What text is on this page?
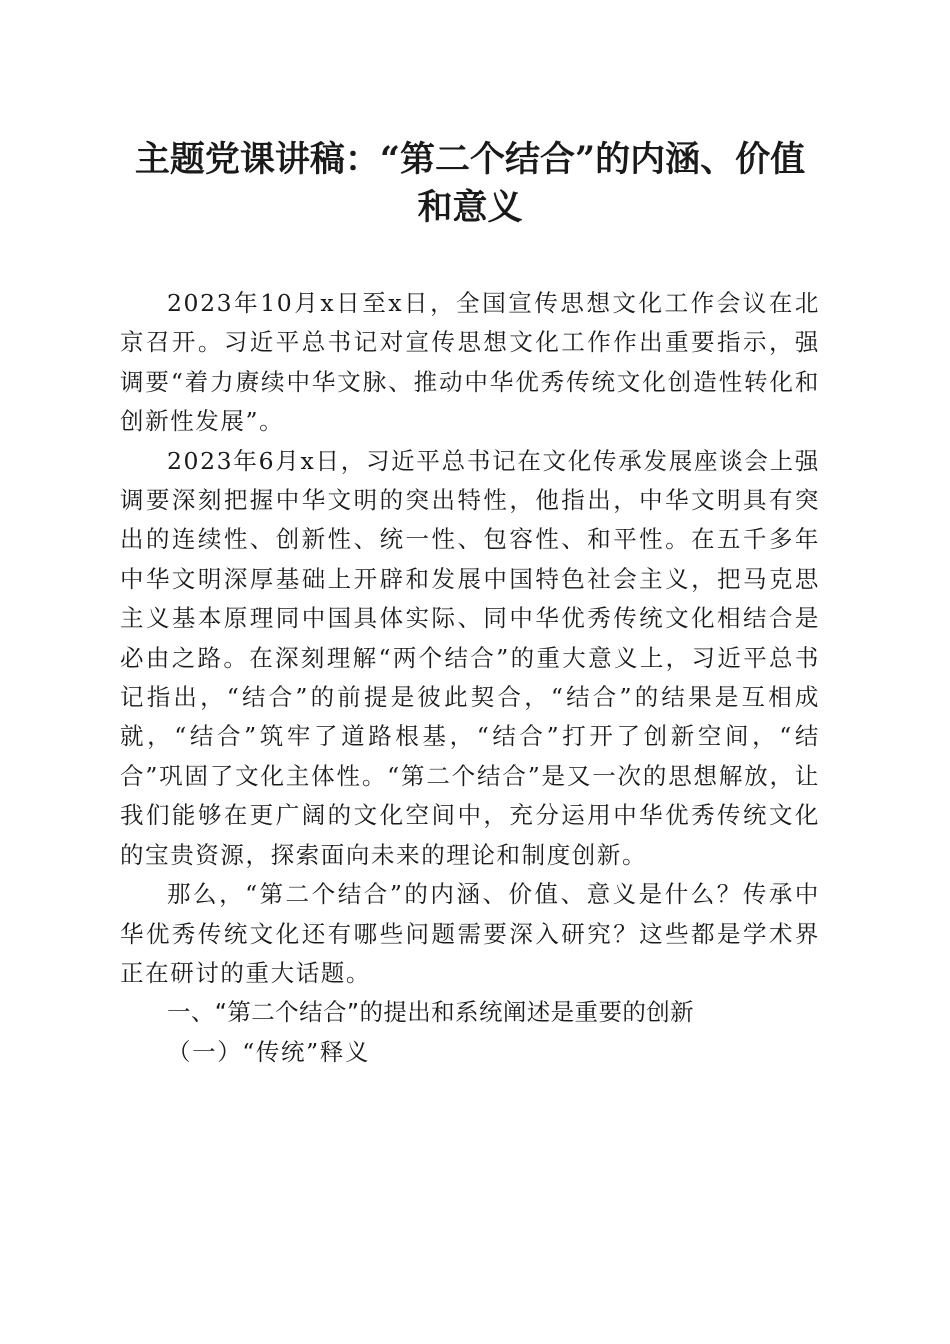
主题党课讲稿：“第二个结合”的内涵、价值
和意义

2023年10月x日至x日，全国宣传思想文化工作会议在北京召开。习近平总书记对宣传思想文化工作作出重要指示，强调要“着力赓续中华文脉、推动中华优秀传统文化创造性转化和创新性发展”。

2023年6月x日，习近平总书记在文化传承发展座谈会上强调要深刻把握中华文明的突出特性，他指出，中华文明具有突出的连续性、创新性、统一性、包容性、和平性。在五千多年中华文明深厚基础上开辟和发展中国特色社会主义，把马克思主义基本原理同中国具体实际、同中华优秀传统文化相结合是必由之路。在深刻理解“两个结合”的重大意义上，习近平总书记指出，“结合”的前提是彼此契合，“结合”的结果是互相成就，“结合”筑牢了道路根基，“结合”打开了创新空间，“结合”巩固了文化主体性。“第二个结合”是又一次的思想解放，让我们能够在更广阔的文化空间中，充分运用中华优秀传统文化的宝贵资源，探索面向未来的理论和制度创新。

那么，“第二个结合”的内涵、价值、意义是什么？传承中华优秀传统文化还有哪些问题需要深入研究？这些都是学术界正在研讨的重大话题。

一、“第二个结合”的提出和系统阐述是重要的创新

（一）“传统”释义
